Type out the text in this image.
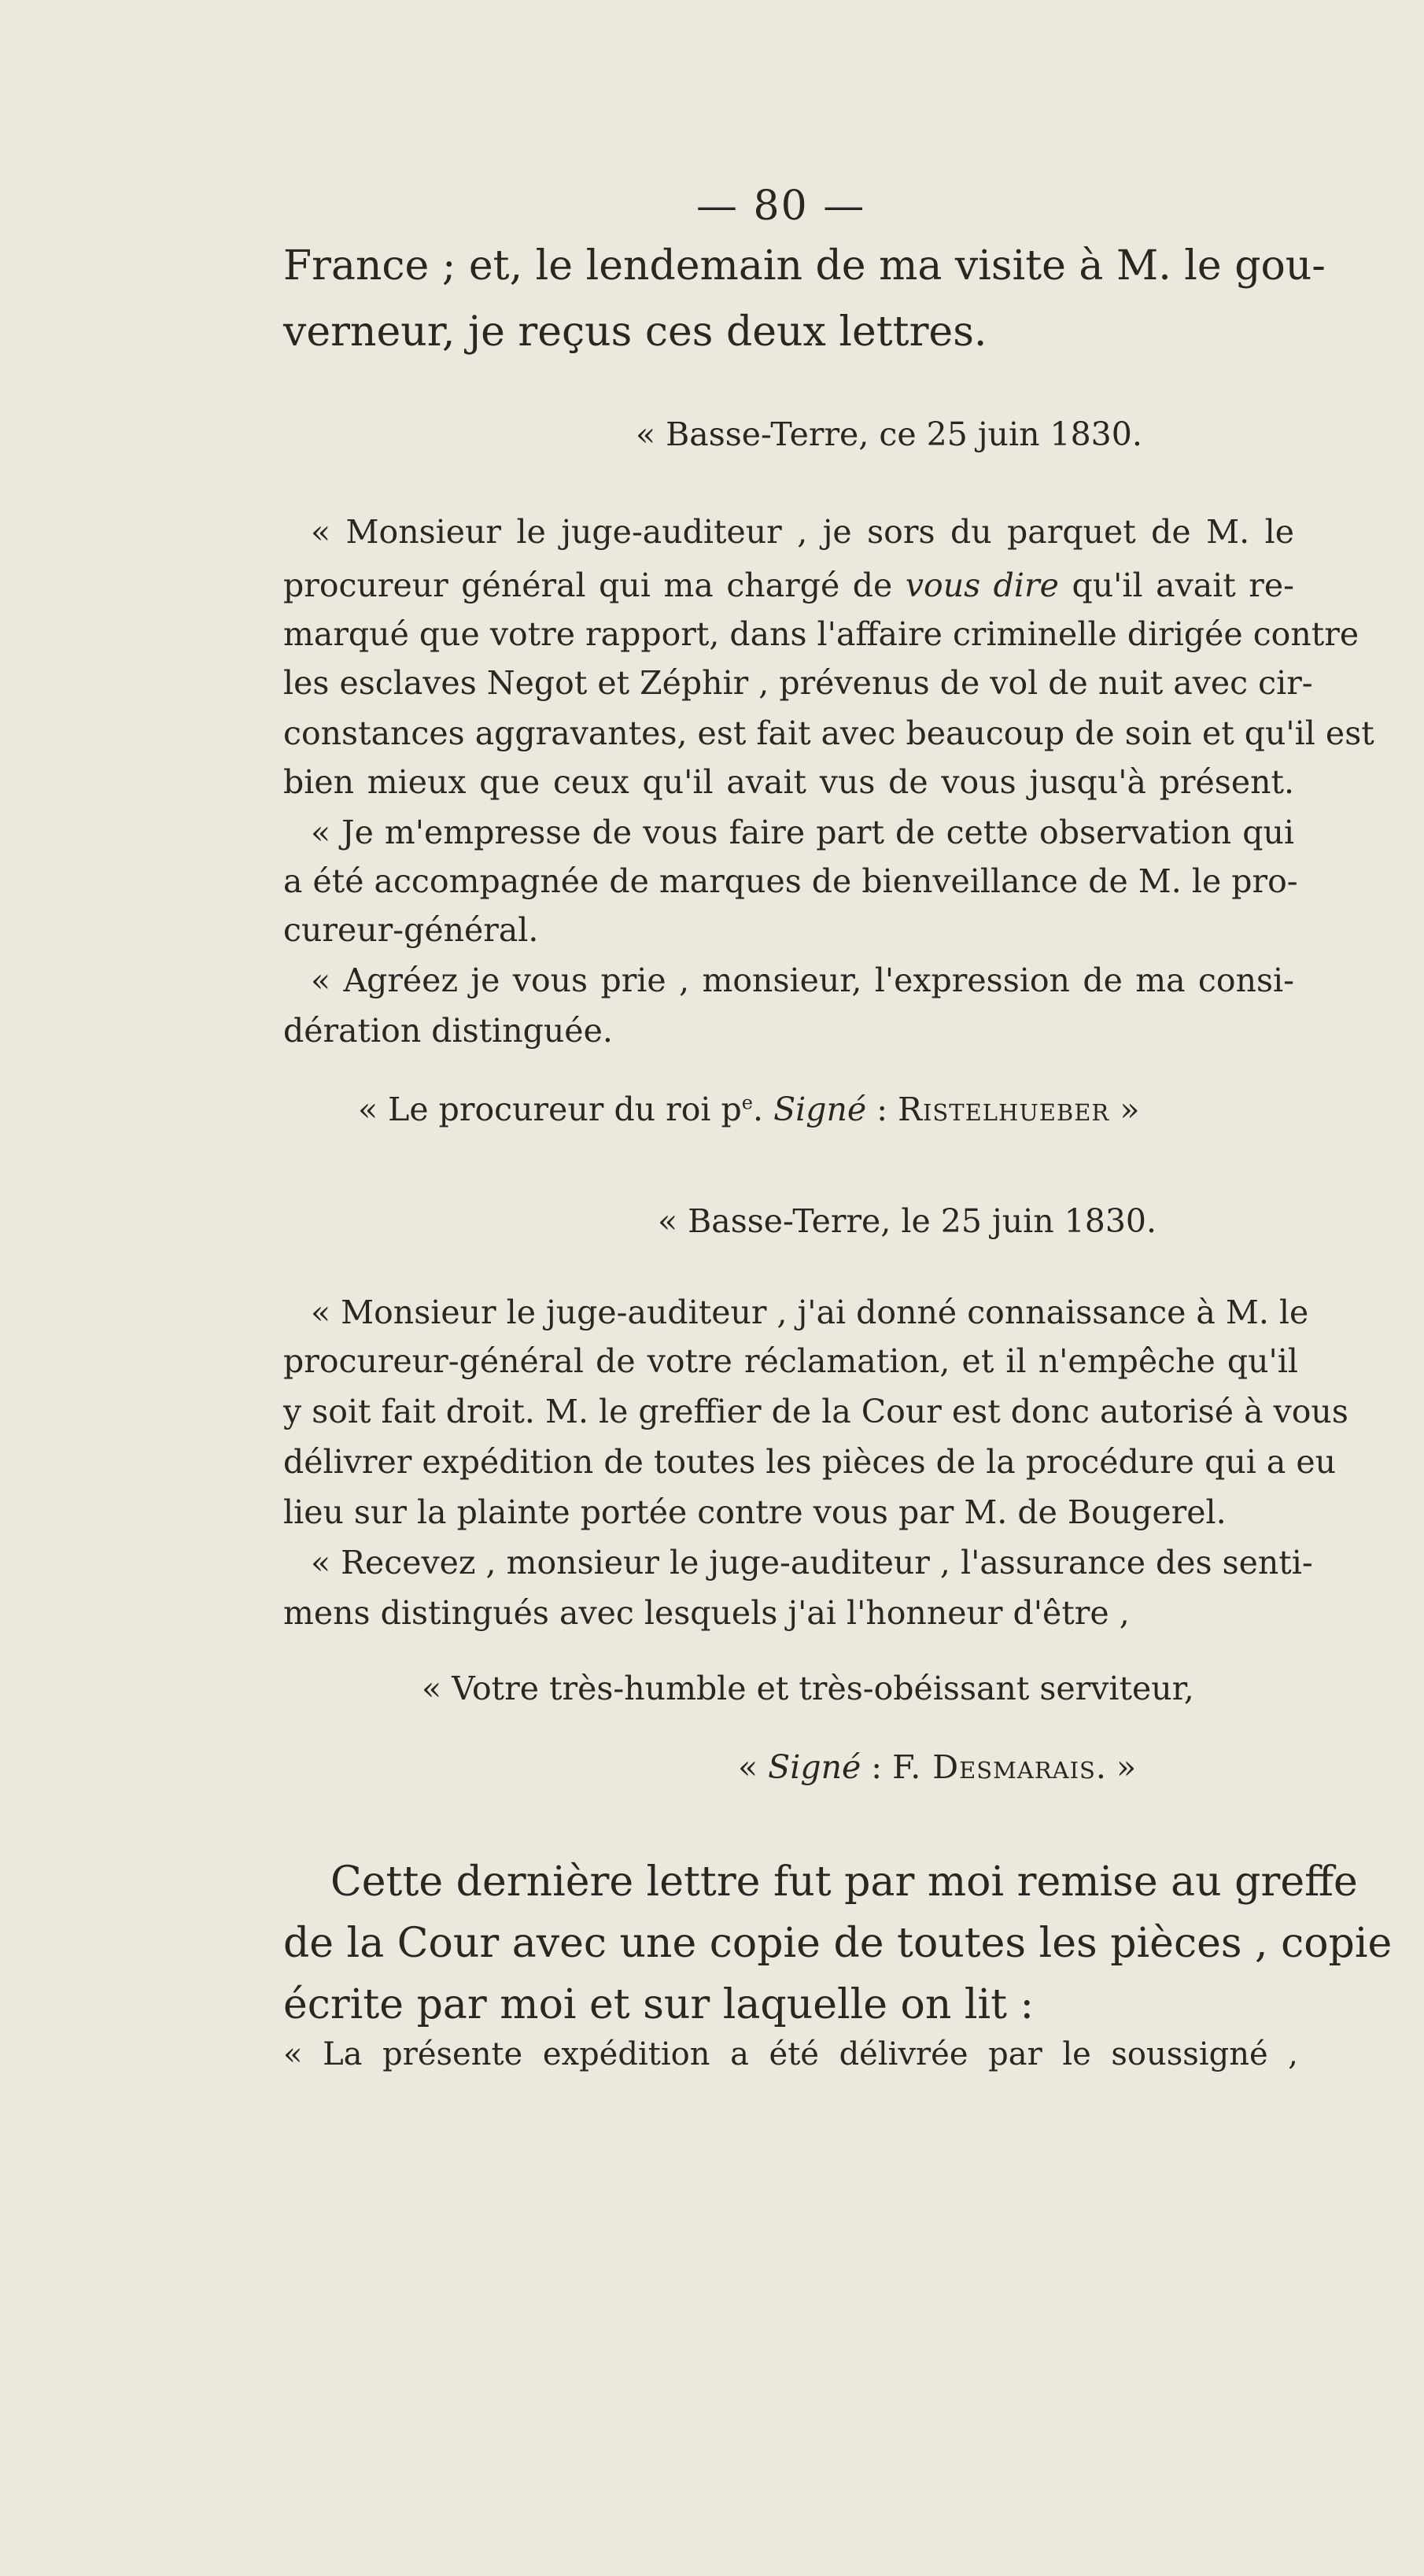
— 80 —
France ; et, le lendemain de ma visite à M. le gou-
verneur, je reçus ces deux lettres.
« Basse-Terre, ce 25 juin 1830.
« Monsieur le juge-auditeur , je sors du parquet de M. le
procureur général qui ma chargé de vous dire qu'il avait re-
marqué que votre rapport, dans l'affaire criminelle dirigée contre
les esclaves Negot et Zéphir , prévenus de vol de nuit avec cir-
constances aggravantes, est fait avec beaucoup de soin et qu'il est
bien mieux que ceux qu'il avait vus de vous jusqu'à présent.
« Je m'empresse de vous faire part de cette observation qui
a été accompagnée de marques de bienveillance de M. le pro-
cureur-général.
« Agréez je vous prie , monsieur, l'expression de ma consi-
dération distinguée.
« Le procureur du roi $p^e$. Signé : Ristelhueber »
« Basse-Terre, le 25 juin 1830.
« Monsieur le juge-auditeur , j'ai donné connaissance à M. le
procureur-général de votre réclamation, et il n'empêche qu'il
y soit fait droit. M. le greffier de la Cour est donc autorisé à vous
délivrer expédition de toutes les pièces de la procédure qui a eu
lieu sur la plainte portée contre vous par M. de Bougerel.
« Recevez , monsieur le juge-auditeur , l'assurance des senti-
mens distingués avec lesquels j'ai l'honneur d'être ,
« Votre très-humble et très-obéissant serviteur,
« Signé : F. Desmarais. »
Cette dernière lettre fut par moi remise au greffe
de la Cour avec une copie de toutes les pièces , copie
écrite par moi et sur laquelle on lit :
« La présente expédition a été délivrée par le soussigné ,
